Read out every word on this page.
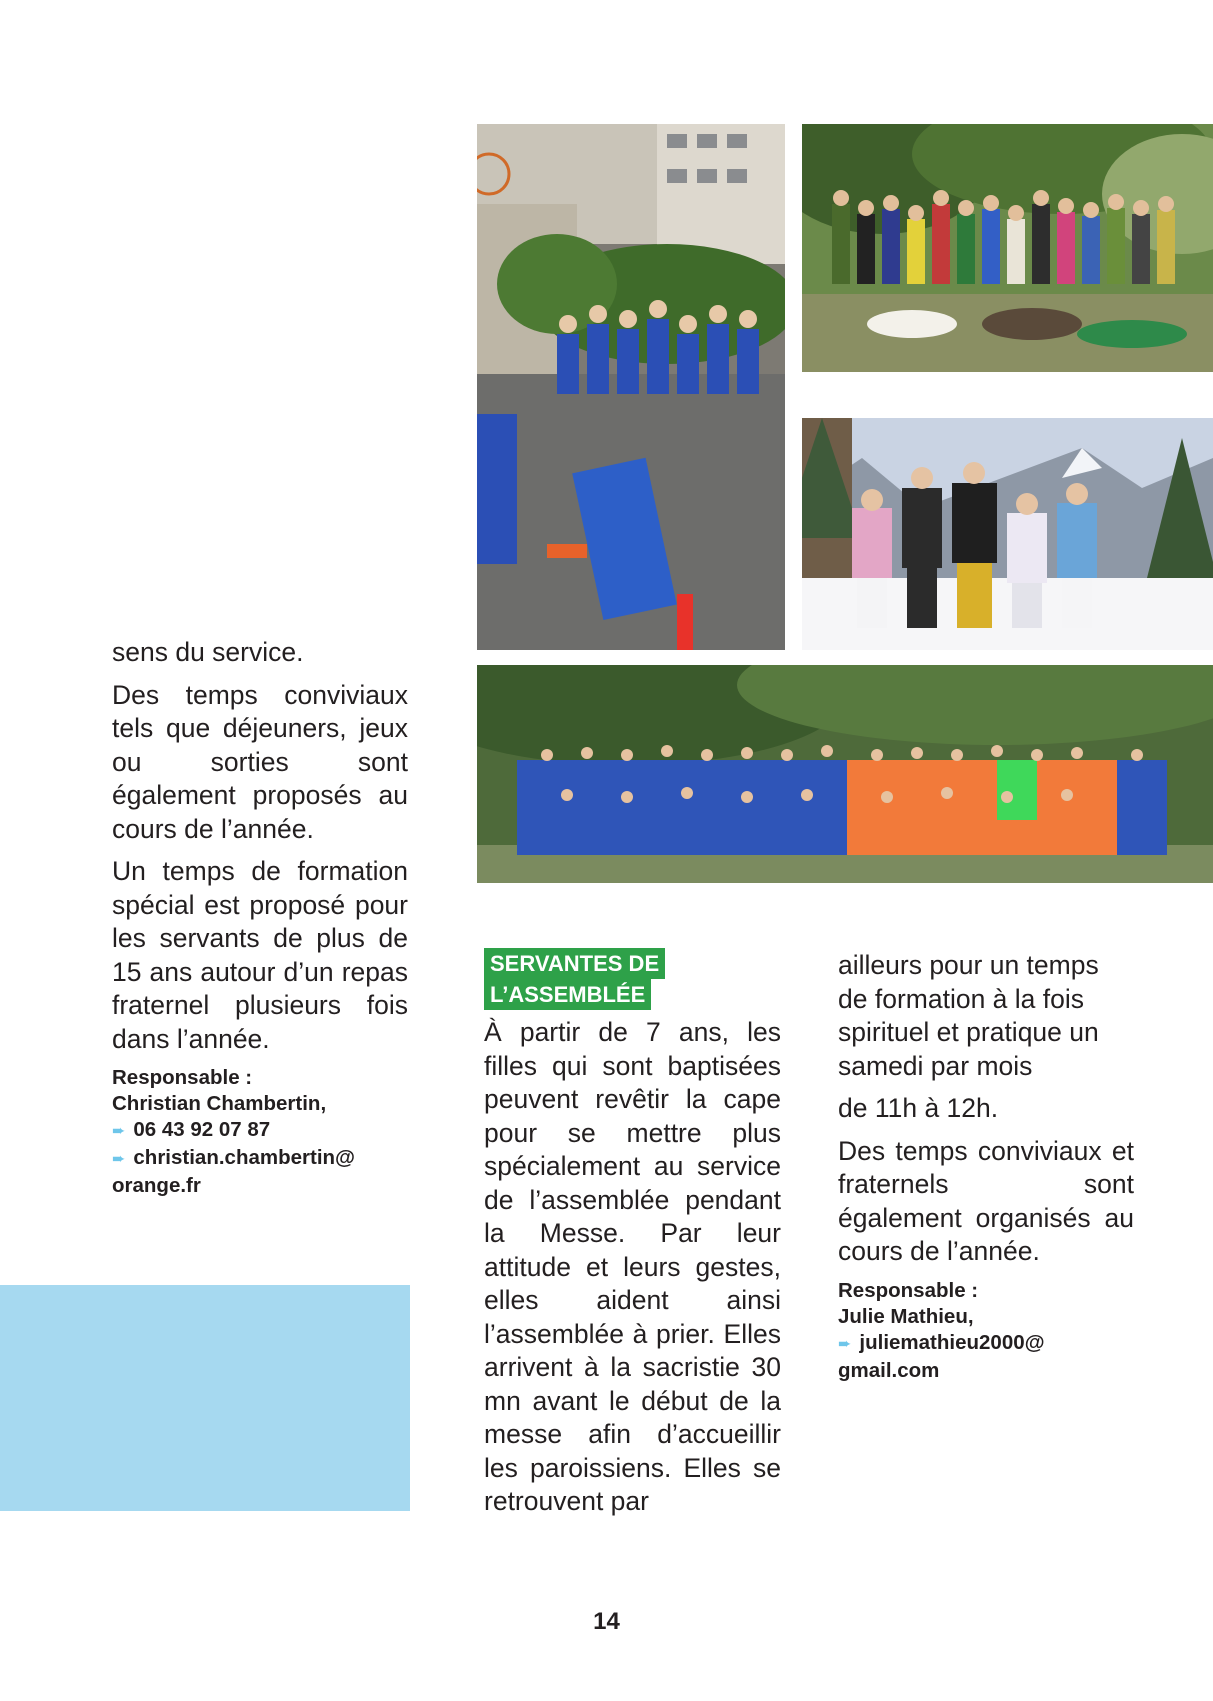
sens du service.

Des temps conviviaux tels que déjeuners, jeux ou sorties sont également proposés au cours de l’année.

Un temps de formation spécial est proposé pour les servants de plus de 15 ans autour d’un repas fraternel plusieurs fois dans l’année.

Responsable :
Christian Chambertin,
➨ 06 43 92 07 87
➨ christian.chambertin@
orange.fr
SERVANTES DE
L’ASSEMBLÉE

À partir de 7 ans, les filles qui sont baptisées peuvent revêtir la cape pour se mettre plus spécialement au service de l’assemblée pendant la Messe. Par leur attitude et leurs gestes, elles aident ainsi l’assemblée à prier. Elles arrivent à la sacristie 30 mn avant le début de la messe afin d’accueillir les paroissiens. Elles se retrouvent par

ailleurs pour un temps de formation à la fois spirituel et pratique un samedi par mois

de 11h à 12h.

Des temps conviviaux et fraternels sont également organisés au cours de l’année.

Responsable :
Julie Mathieu,
➨ juliemathieu2000@
gmail.com
14
